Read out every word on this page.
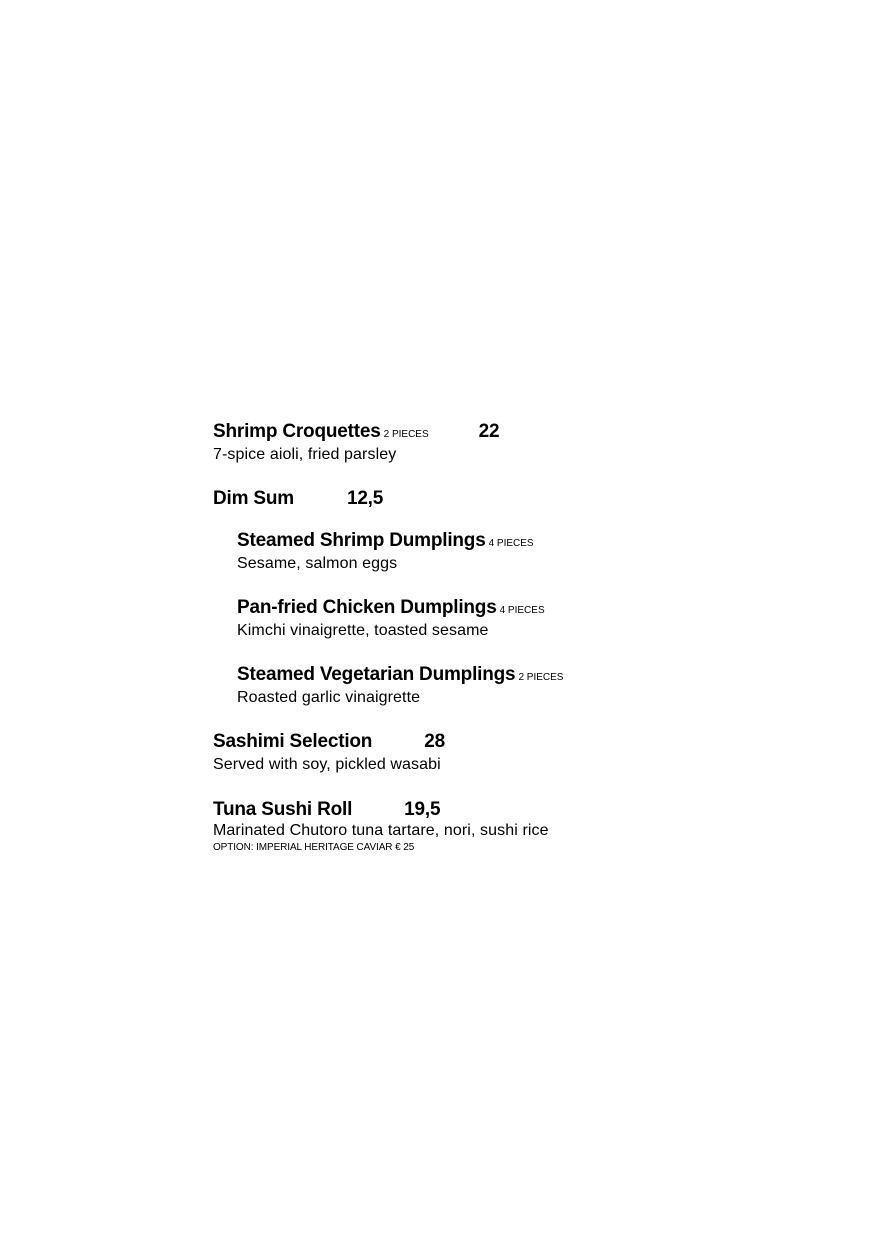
Shrimp Croquettes 2 PIECES	22
7-spice aioli, fried parsley
Dim Sum	12,5
Steamed Shrimp Dumplings 4 PIECES
Sesame, salmon eggs
Pan-fried Chicken Dumplings 4 PIECES
Kimchi vinaigrette, toasted sesame
Steamed Vegetarian Dumplings 2 PIECES
Roasted garlic vinaigrette
Sashimi Selection	28
Served with soy, pickled wasabi
Tuna Sushi Roll	19,5
Marinated Chutoro tuna tartare, nori, sushi rice
OPTION: IMPERIAL HERITAGE CAVIAR € 25
